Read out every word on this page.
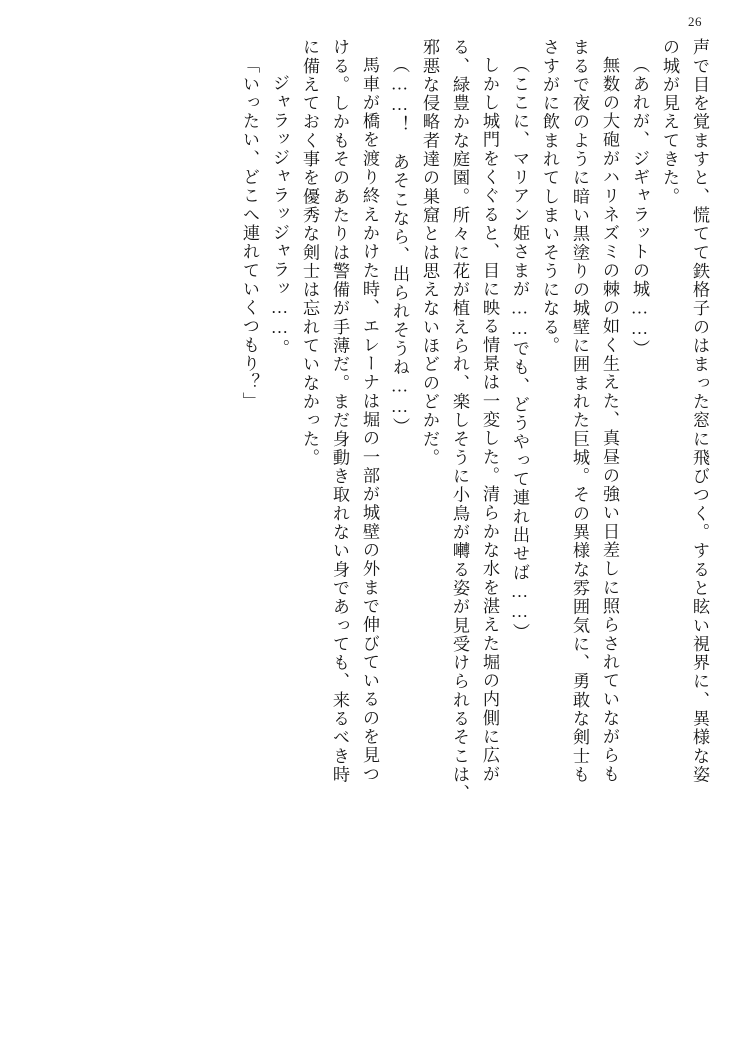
26
声で目を覚ますと、慌てて鉄格子のはまった窓に飛びつく。すると眩い視界に、異様な姿
の城が見えてきた。
（あれが、ジギャラットの城……）
無数の大砲がハリネズミの棘の如く生えた、真昼の強い日差しに照らされていながらも
まるで夜のように暗い黒塗りの城壁に囲まれた巨城。その異様な雰囲気に、勇敢な剣士も
さすがに飲まれてしまいそうになる。
（ここに、マリアン姫さまが……でも、どうやって連れ出せば……）
しかし城門をくぐると、目に映る情景は一変した。清らかな水を湛えた堀の内側に広が
る、緑豊かな庭園。所々に花が植えられ、楽しそうに小鳥が囀る姿が見受けられるそこは、
邪悪な侵略者達の巣窟とは思えないほどのどかだ。
（……！　あそこなら、出られそうね……）
馬車が橋を渡り終えかけた時、エレーナは堀の一部が城壁の外まで伸びているのを見つ
ける。しかもそのあたりは警備が手薄だ。まだ身動き取れない身であっても、来るべき時
に備えておく事を優秀な剣士は忘れていなかった。
ジャラッジャラッジャラッ……。
「いったい、どこへ連れていくつもり？」
